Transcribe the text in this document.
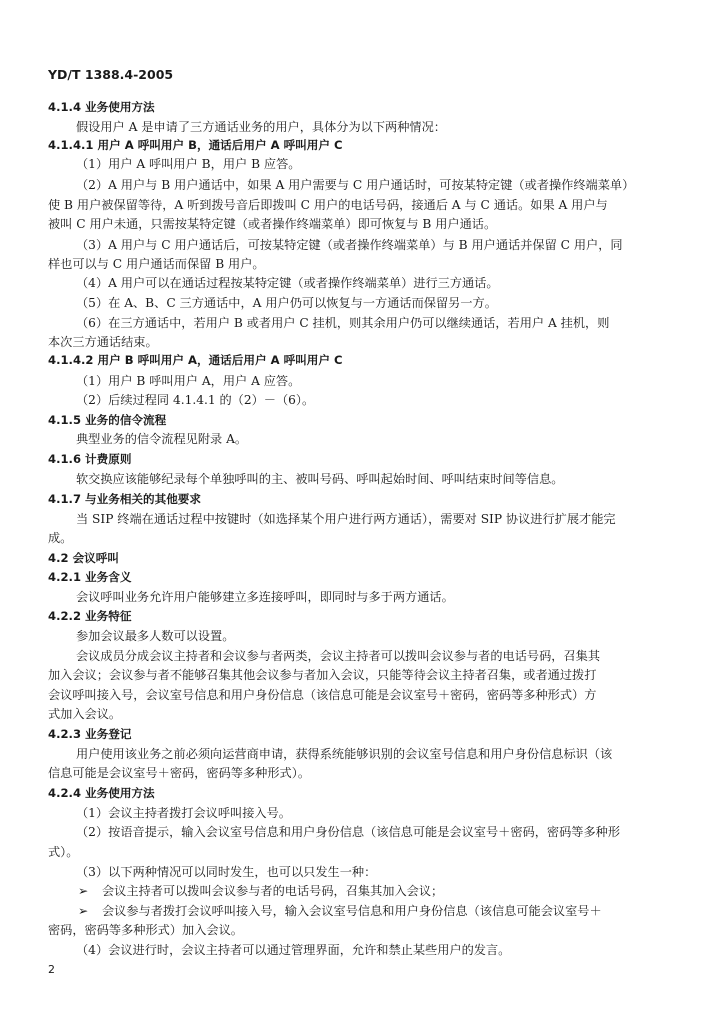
YD/T 1388.4-2005
4.1.4 业务使用方法
假设用户 A 是申请了三方通话业务的用户，具体分为以下两种情况：
4.1.4.1 用户 A 呼叫用户 B，通话后用户 A 呼叫用户 C
（1）用户 A 呼叫用户 B，用户 B 应答。
（2）A 用户与 B 用户通话中，如果 A 用户需要与 C 用户通话时，可按某特定键（或者操作终端菜单）
使 B 用户被保留等待，A 听到拨号音后即拨叫 C 用户的电话号码，接通后 A 与 C 通话。如果 A 用户与
被叫 C 用户未通，只需按某特定键（或者操作终端菜单）即可恢复与 B 用户通话。
（3）A 用户与 C 用户通话后，可按某特定键（或者操作终端菜单）与 B 用户通话并保留 C 用户，同
样也可以与 C 用户通话而保留 B 用户。
（4）A 用户可以在通话过程按某特定键（或者操作终端菜单）进行三方通话。
（5）在 A、B、C 三方通话中，A 用户仍可以恢复与一方通话而保留另一方。
（6）在三方通话中，若用户 B 或者用户 C 挂机，则其余用户仍可以继续通话，若用户 A 挂机，则
本次三方通话结束。
4.1.4.2 用户 B 呼叫用户 A，通话后用户 A 呼叫用户 C
（1）用户 B 呼叫用户 A，用户 A 应答。
（2）后续过程同 4.1.4.1 的（2）－（6）。
4.1.5 业务的信令流程
典型业务的信令流程见附录 A。
4.1.6 计费原则
软交换应该能够纪录每个单独呼叫的主、被叫号码、呼叫起始时间、呼叫结束时间等信息。
4.1.7 与业务相关的其他要求
当 SIP 终端在通话过程中按键时（如选择某个用户进行两方通话），需要对 SIP 协议进行扩展才能完
成。
4.2 会议呼叫
4.2.1 业务含义
会议呼叫业务允许用户能够建立多连接呼叫，即同时与多于两方通话。
4.2.2 业务特征
参加会议最多人数可以设置。
会议成员分成会议主持者和会议参与者两类，会议主持者可以拨叫会议参与者的电话号码，召集其
加入会议；会议参与者不能够召集其他会议参与者加入会议，只能等待会议主持者召集，或者通过拨打
会议呼叫接入号，会议室号信息和用户身份信息（该信息可能是会议室号＋密码，密码等多种形式）方
式加入会议。
4.2.3 业务登记
用户使用该业务之前必须向运营商申请，获得系统能够识别的会议室号信息和用户身份信息标识（该
信息可能是会议室号＋密码，密码等多种形式）。
4.2.4 业务使用方法
（1）会议主持者拨打会议呼叫接入号。
（2）按语音提示，输入会议室号信息和用户身份信息（该信息可能是会议室号＋密码，密码等多种形
式）。
（3）以下两种情况可以同时发生，也可以只发生一种：
➢ 会议主持者可以拨叫会议参与者的电话号码，召集其加入会议；
➢ 会议参与者拨打会议呼叫接入号，输入会议室号信息和用户身份信息（该信息可能会议室号＋
密码，密码等多种形式）加入会议。
（4）会议进行时，会议主持者可以通过管理界面，允许和禁止某些用户的发言。
2
